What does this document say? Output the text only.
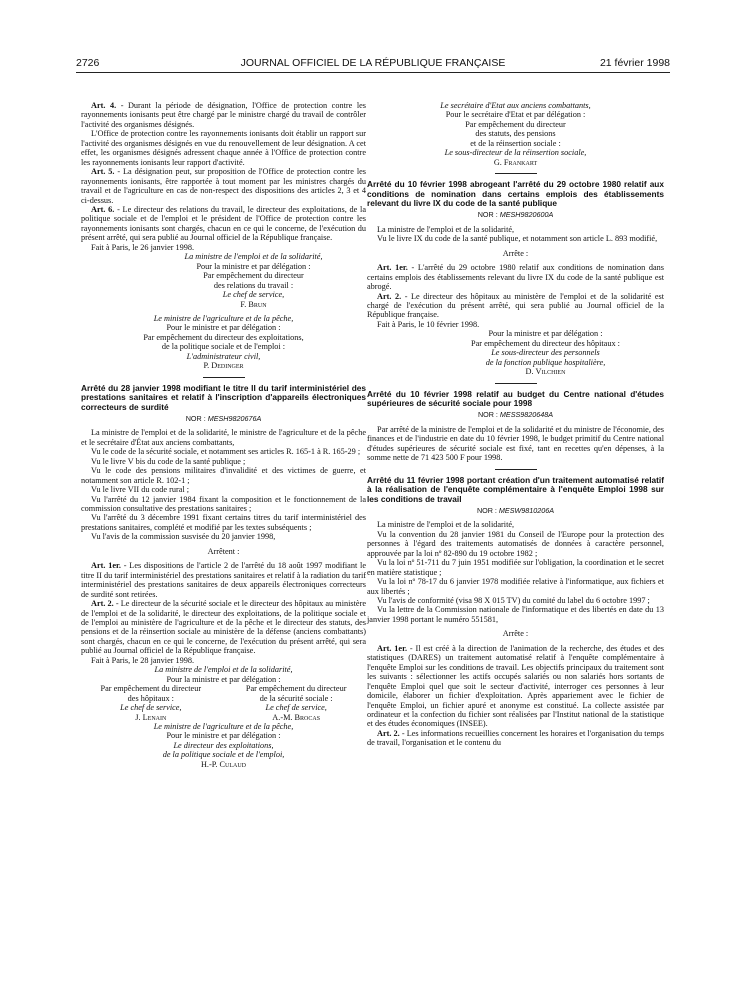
2726	JOURNAL OFFICIEL DE LA RÉPUBLIQUE FRANÇAISE	21 février 1998

Art. 4. - Durant la période de désignation, l'Office de protection contre les rayonnements ionisants peut être chargé par le ministre chargé du travail de contrôler l'activité des organismes désignés.

L'Office de protection contre les rayonnements ionisants doit établir un rapport sur l'activité des organismes désignés en vue du renouvellement de leur désignation. A cet effet, les organismes désignés adressent chaque année à l'Office de protection contre les rayonnements ionisants leur rapport d'activité.

Art. 5. - La désignation peut, sur proposition de l'Office de protection contre les rayonnements ionisants, être rapportée à tout moment par les ministres chargés du travail et de l'agriculture en cas de non-respect des dispositions des articles 2, 3 et 4 ci-dessus.

Art. 6. - Le directeur des relations du travail, le directeur des exploitations, de la politique sociale et de l'emploi et le président de l'Office de protection contre les rayonnements ionisants sont chargés, chacun en ce qui le concerne, de l'exécution du présent arrêté, qui sera publié au Journal officiel de la République française.

Fait à Paris, le 26 janvier 1998.

La ministre de l'emploi et de la solidarité,
Pour la ministre et par délégation :
Par empêchement du directeur
des relations du travail :
Le chef de service,
F. Brun
Le ministre de l'agriculture et de la pêche,
Pour le ministre et par délégation :
Par empêchement du directeur des exploitations,
de la politique sociale et de l'emploi :
L'administrateur civil,
P. Dedinger
Arrêté du 28 janvier 1998 modifiant le titre II du tarif interministériel des prestations sanitaires et relatif à l'inscription d'appareils électroniques correcteurs de surdité
NOR : MESH9820676A

La ministre de l'emploi et de la solidarité, le ministre de l'agriculture et de la pêche et le secrétaire d'État aux anciens combattants,

Vu le code de la sécurité sociale, et notamment ses articles R. 165-1 à R. 165-29 ;

Vu le livre V bis du code de la santé publique ;

Vu le code des pensions militaires d'invalidité et des victimes de guerre, et notamment son article R. 102-1 ;

Vu le livre VII du code rural ;

Vu l'arrêté du 12 janvier 1984 fixant la composition et le fonctionnement de la commission consultative des prestations sanitaires ;

Vu l'arrêté du 3 décembre 1991 fixant certains titres du tarif interministériel des prestations sanitaires, complété et modifié par les textes subséquents ;

Vu l'avis de la commission susvisée du 20 janvier 1998,

Arrêtent :

Art. 1er. - Les dispositions de l'article 2 de l'arrêté du 18 août 1997 modifiant le titre II du tarif interministériel des prestations sanitaires et relatif à la radiation du tarif interministériel des prestations sanitaires de deux appareils électroniques correcteurs de surdité sont retirées.

Art. 2. - Le directeur de la sécurité sociale et le directeur des hôpitaux au ministère de l'emploi et de la solidarité, le directeur des exploitations, de la politique sociale et de l'emploi au ministère de l'agriculture et de la pêche et le directeur des statuts, des pensions et de la réinsertion sociale au ministère de la défense (anciens combattants) sont chargés, chacun en ce qui le concerne, de l'exécution du présent arrêté, qui sera publié au Journal officiel de la République française.

Fait à Paris, le 28 janvier 1998.

La ministre de l'emploi et de la solidarité,
Pour la ministre et par délégation :
Par empêchement du directeur
des hôpitaux :
Le chef de service,
J. Lenain
Par empêchement du directeur
de la sécurité sociale :
Le chef de service,
A.-M. Brocas
Le ministre de l'agriculture et de la pêche,
Pour le ministre et par délégation :
Le directeur des exploitations,
de la politique sociale et de l'emploi,
H.-P. Culaud
Le secrétaire d'Etat aux anciens combattants,
Pour le secrétaire d'Etat et par délégation :
Par empêchement du directeur
des statuts, des pensions
et de la réinsertion sociale :
Le sous-directeur de la réinsertion sociale,
G. Frankart
Arrêté du 10 février 1998 abrogeant l'arrêté du 29 octobre 1980 relatif aux conditions de nomination dans certains emplois des établissements relevant du livre IX du code de la santé publique
NOR : MESH9820600A

La ministre de l'emploi et de la solidarité,

Vu le livre IX du code de la santé publique, et notamment son article L. 893 modifié,

Arrête :

Art. 1er. - L'arrêté du 29 octobre 1980 relatif aux conditions de nomination dans certains emplois des établissements relevant du livre IX du code de la santé publique est abrogé.

Art. 2. - Le directeur des hôpitaux au ministère de l'emploi et de la solidarité est chargé de l'exécution du présent arrêté, qui sera publié au Journal officiel de la République française.

Fait à Paris, le 10 février 1998.

Pour la ministre et par délégation :
Par empêchement du directeur des hôpitaux :
Le sous-directeur des personnels
de la fonction publique hospitalière,
D. Vilchien
Arrêté du 10 février 1998 relatif au budget du Centre national d'études supérieures de sécurité sociale pour 1998
NOR : MESS9820648A

Par arrêté de la ministre de l'emploi et de la solidarité et du ministre de l'économie, des finances et de l'industrie en date du 10 février 1998, le budget primitif du Centre national d'études supérieures de sécurité sociale est fixé, tant en recettes qu'en dépenses, à la somme nette de 71 423 500 F pour 1998.

Arrêté du 11 février 1998 portant création d'un traitement automatisé relatif à la réalisation de l'enquête complémentaire à l'enquête Emploi 1998 sur les conditions de travail
NOR : MESW9810206A

La ministre de l'emploi et de la solidarité,

Vu la convention du 28 janvier 1981 du Conseil de l'Europe pour la protection des personnes à l'égard des traitements automatisés de données à caractère personnel, approuvée par la loi nº 82-890 du 19 octobre 1982 ;

Vu la loi nº 51-711 du 7 juin 1951 modifiée sur l'obligation, la coordination et le secret en matière statistique ;

Vu la loi nº 78-17 du 6 janvier 1978 modifiée relative à l'informatique, aux fichiers et aux libertés ;

Vu l'avis de conformité (visa 98 X 015 TV) du comité du label du 6 octobre 1997 ;

Vu la lettre de la Commission nationale de l'informatique et des libertés en date du 13 janvier 1998 portant le numéro 551581,

Arrête :

Art. 1er. - Il est créé à la direction de l'animation de la recherche, des études et des statistiques (DARES) un traitement automatisé relatif à l'enquête complémentaire à l'enquête Emploi sur les conditions de travail. Les objectifs principaux du traitement sont les suivants : sélectionner les actifs occupés salariés ou non salariés hors sortants de l'enquête Emploi quel que soit le secteur d'activité, interroger ces personnes à leur domicile, élaborer un fichier d'exploitation. Après appariement avec le fichier de l'enquête Emploi, un fichier apuré et anonyme est constitué. La collecte assistée par ordinateur et la confection du fichier sont réalisées par l'Institut national de la statistique et des études économiques (INSEE).

Art. 2. - Les informations recueillies concernent les horaires et l'organisation du temps de travail, l'organisation et le contenu du
